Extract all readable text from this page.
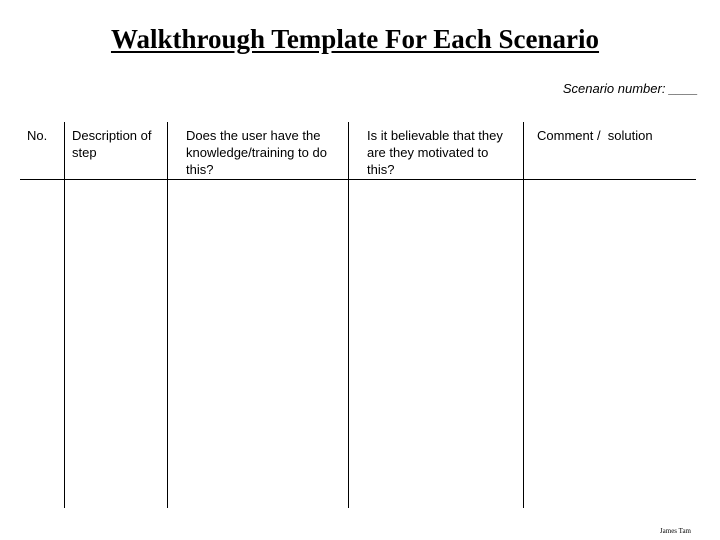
Walkthrough Template For Each Scenario
Scenario number: ____
No.	Description of step
Does the user have the knowledge/training to do this?
Is it believable that they are they motivated to this?
Comment /  solution
James Tam
